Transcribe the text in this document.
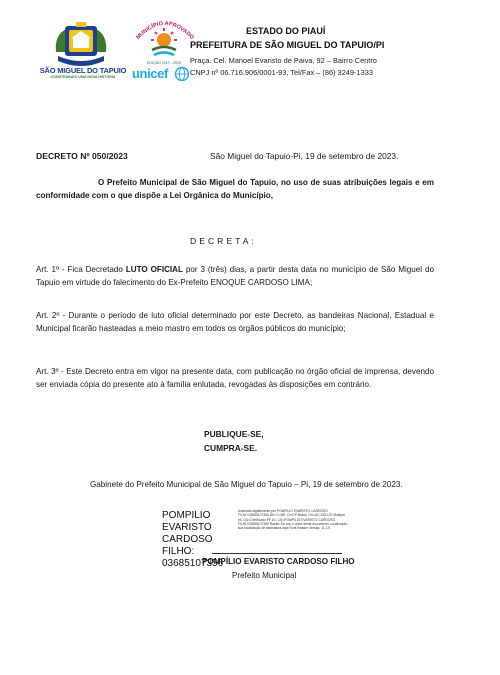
SÃO MIGUEL DO TAPUIO
CONSTRUINDO UMA NOVA HISTÓRIA
MUNICÍPIO APROVADO
EDIÇÃO 2017 - 2020
unicef
ESTADO DO PIAUÍ
PREFEITURA DE SÃO MIGUEL DO TAPUIO/PI
Praça. Cel. Manoel Evaristo de Paiva, 92 – Bairro Centro
CNPJ nº 06.716.906/0001-93, Tel/Fax – (86) 3249-1333
DECRETO Nº 050/2023	São Miguel do Tapuio-Pi, 19 de setembro de 2023.
O Prefeito Municipal de São Miguel do Tapuio, no uso de suas atribuições legais e em conformidade com o que dispõe a Lei Orgânica do Município,
DECRETA:
Art. 1º - Fica Decretado LUTO OFICIAL por 3 (três) dias, a partir desta data no município de São Miguel do Tapuio em virtude do falecimento do Ex-Prefeito ENOQUE CARDOSO LIMA;
Art. 2º - Durante o período de luto oficial determinado por este Decreto, as bandeiras Nacional, Estadual e Municipal ficarão hasteadas a meio mastro em todos os órgãos públicos do município;
Art. 3º - Este Decreto entra em vigor na presente data, com publicação no órgão oficial de imprensa, devendo ser enviada cópia do presente ato à família enlutada, revogadas às disposições em contrário.
PUBLIQUE-SE,
CUMPRA-SE.
Gabinete do Prefeito Municipal de São Miguel do Tapuio – Pi, 19 de setembro de 2023.
POMPILIO
EVARISTO
CARDOSO FILHO:
03685107356
Assinado digitalmente por POMPILIO EVARISTO CARDOSO FILHO:03685107356 DN: C=BR, O=ICP-Brasil, OU=AC SOLUTI Multipla v5, OU=Certificado PF A1, CN=POMPILIO EVARISTO CARDOSO FILHO:03685107356 Razão: Eu sou o autor deste documento Localização: sua localização de assinatura aqui Foxit Reader Versão: 11.1.0
POMPÍLIO EVARISTO CARDOSO FILHO
Prefeito Municipal
